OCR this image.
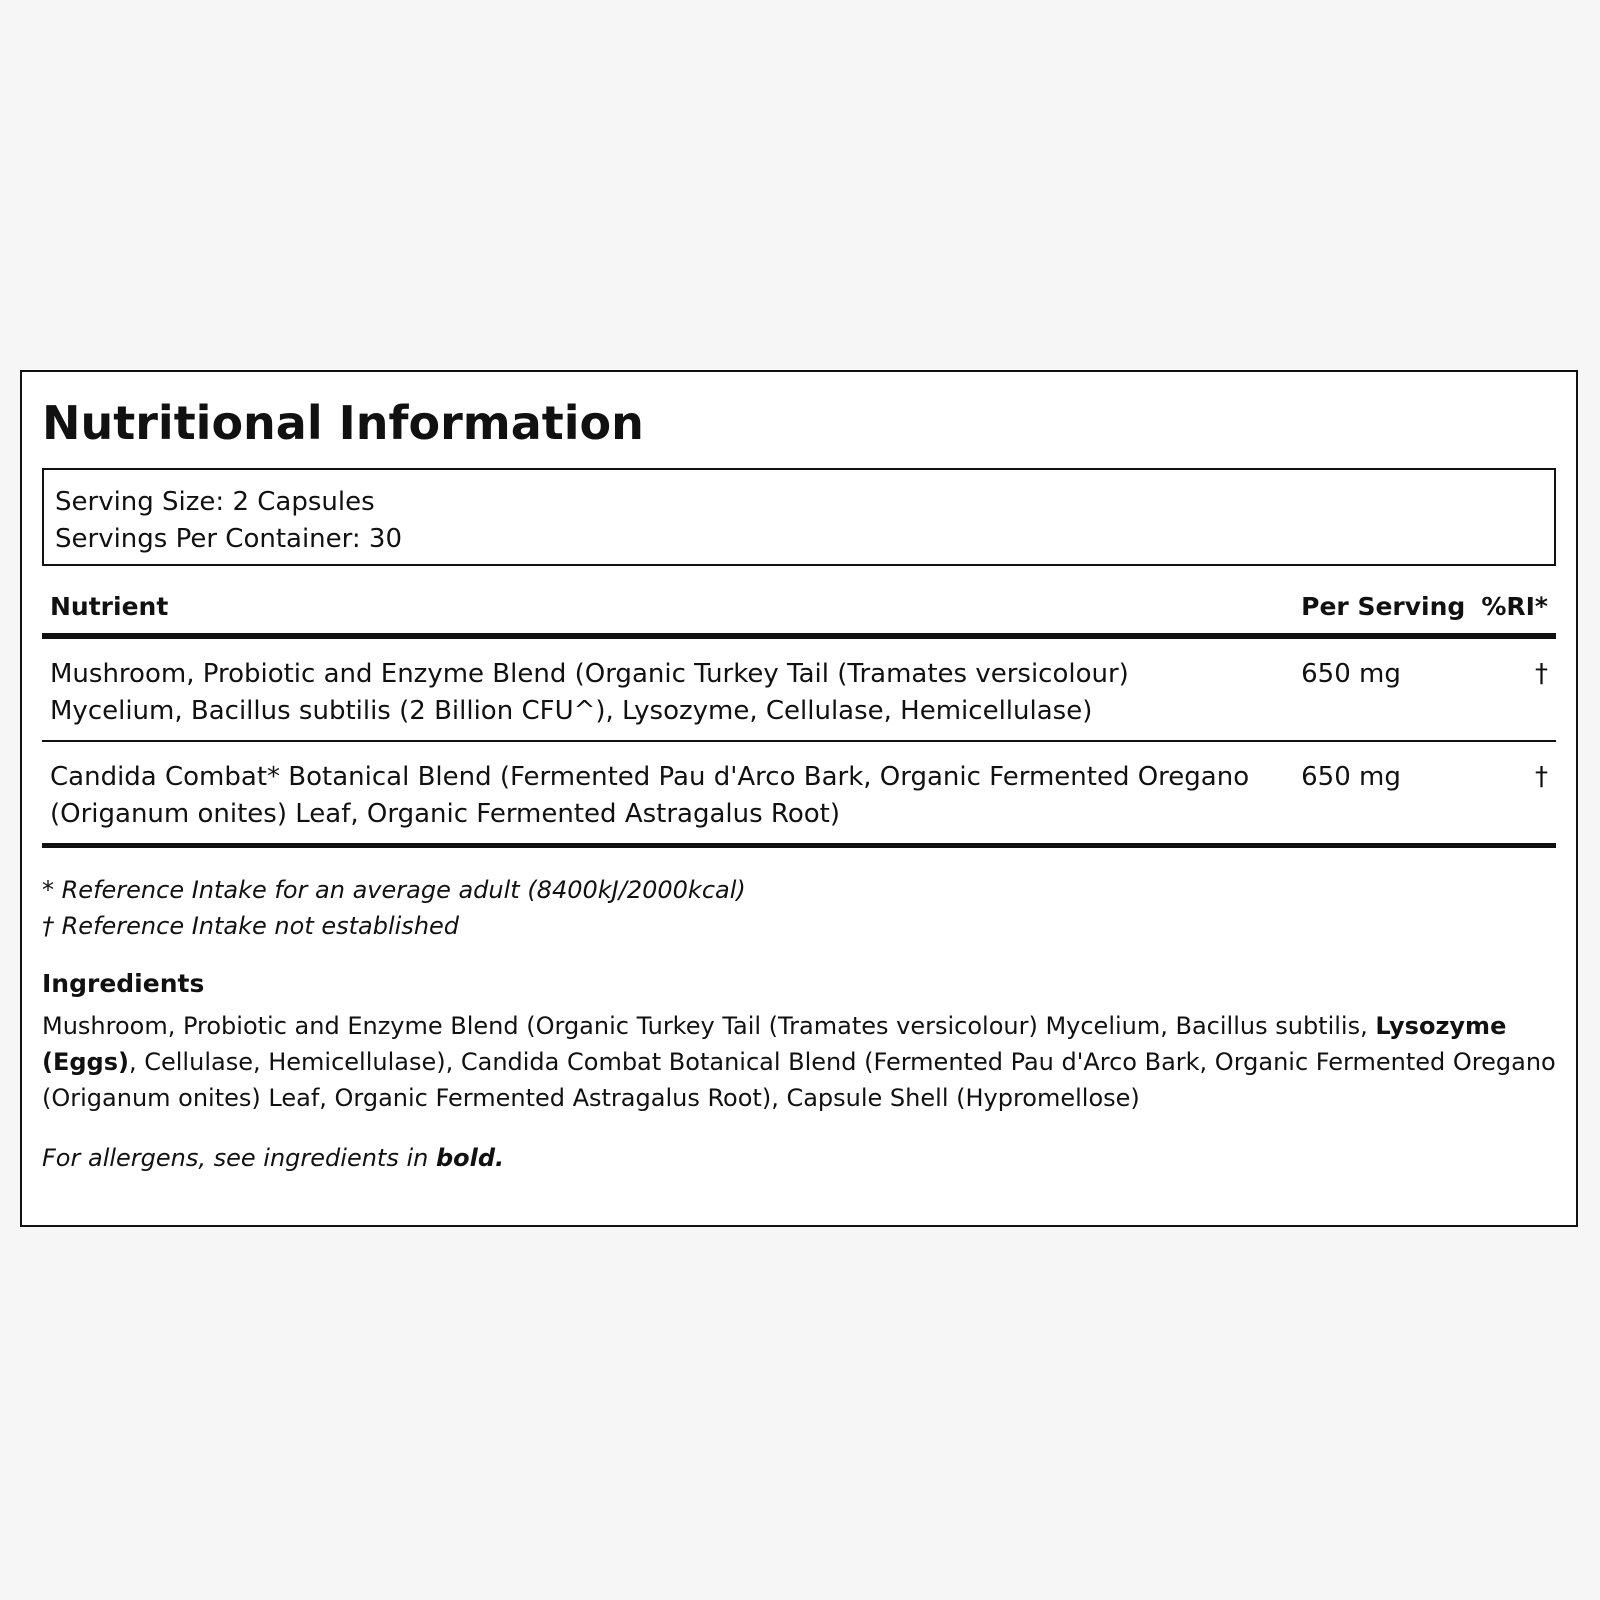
Nutritional Information
Serving Size: 2 Capsules
Servings Per Container: 30
Nutrient	Per Serving	%RI*
Mushroom, Probiotic and Enzyme Blend (Organic Turkey Tail (Tramates versicolour) Mycelium, Bacillus subtilis (2 Billion CFU^), Lysozyme, Cellulase, Hemicellulase)	650 mg	†
Candida Combat* Botanical Blend (Fermented Pau d'Arco Bark, Organic Fermented Oregano (Origanum onites) Leaf, Organic Fermented Astragalus Root)	650 mg	†
* Reference Intake for an average adult (8400kJ/2000kcal)
† Reference Intake not established
Ingredients
Mushroom, Probiotic and Enzyme Blend (Organic Turkey Tail (Tramates versicolour) Mycelium, Bacillus subtilis, Lysozyme (Eggs), Cellulase, Hemicellulase), Candida Combat Botanical Blend (Fermented Pau d'Arco Bark, Organic Fermented Oregano (Origanum onites) Leaf, Organic Fermented Astragalus Root), Capsule Shell (Hypromellose)
For allergens, see ingredients in bold.
